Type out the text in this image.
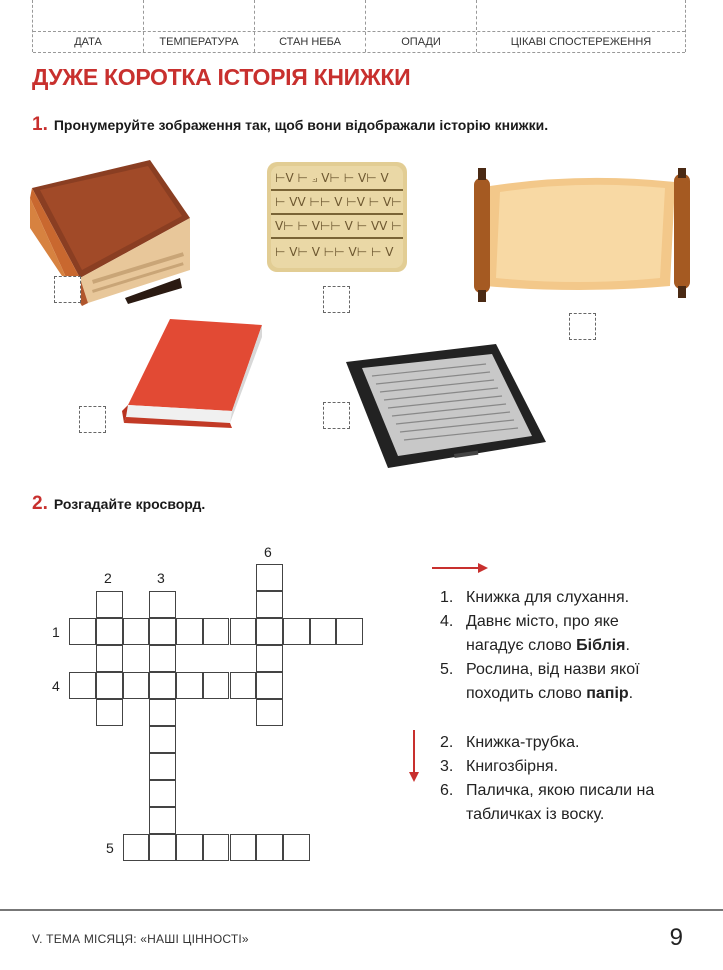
ДАТА	ТЕМПЕРАТУРА	СТАН НЕБА	ОПАДИ	ЦІКАВІ СПОСТЕРЕЖЕННЯ
ДУЖЕ КОРОТКА ІСТОРІЯ КНИЖКИ
1. Пронумеруйте зображення так, щоб вони відображали історію книжки.
⊢ᐯ ⊢ ⟓ ᐯ⊢ ⊢ ᐯ⊢ ᐯ
⊢ ᐯᐯ ⊢⊢ ᐯ ⊢ᐯ ⊢ ᐯ⊢
ᐯ⊢ ⊢ ᐯ⊢⊢ ᐯ ⊢ ᐯᐯ ⊢
⊢ ᐯ⊢ ᐯ ⊢⊢ ᐯ⊢ ⊢ ᐯ
2. Розгадайте кросворд.
1
2	3
4
5
6
1. Книжка для слухання.
4. Давнє місто, про яке нагадує слово Біблія.
5. Рослина, від назви якої походить слово папір.
2. Книжка-трубка.
3. Книгозбірня.
6. Паличка, якою писали на табличках із воску.
V. ТЕМА МІСЯЦЯ: «НАШІ ЦІННОСТІ»	9
